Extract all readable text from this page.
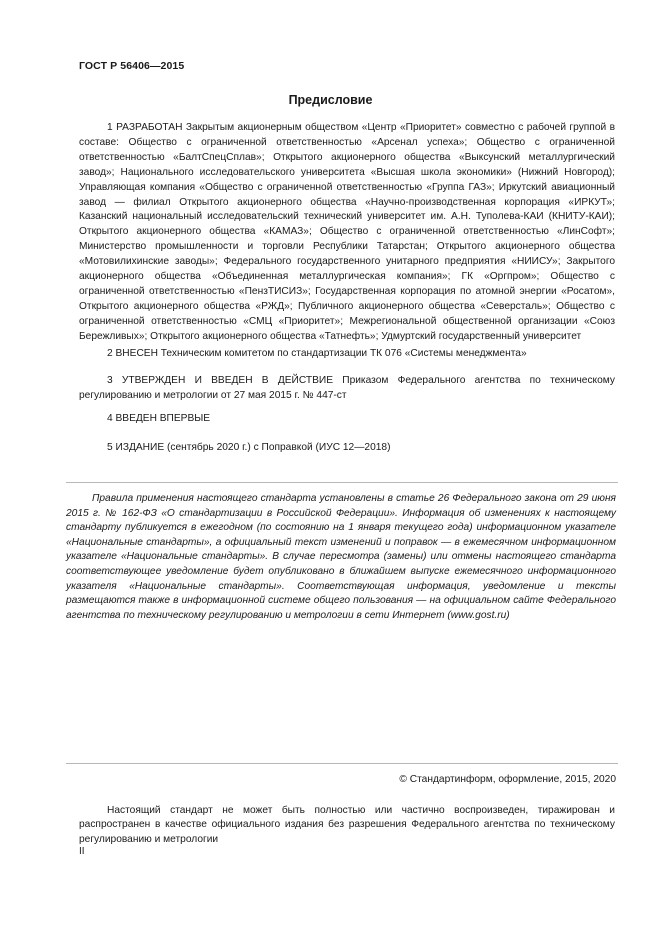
ГОСТ Р 56406—2015
Предисловие

1 РАЗРАБОТАН Закрытым акционерным обществом «Центр «Приоритет» совместно с рабочей группой в составе: Общество с ограниченной ответственностью «Арсенал успеха»; Общество с ограниченной ответственностью «БалтСпецСплав»; Открытого акционерного общества «Выксунский металлургический завод»; Национального исследовательского университета «Высшая школа экономики» (Нижний Новгород); Управляющая компания «Общество с ограниченной ответственностью «Группа ГАЗ»; Иркутский авиационный завод — филиал Открытого акционерного общества «Научно-производственная корпорация «ИРКУТ»; Казанский национальный исследовательский технический университет им. А.Н. Туполева-КАИ (КНИТУ-КАИ); Открытого акционерного общества «КАМАЗ»; Общество с ограниченной ответственностью «ЛинСофт»; Министерство промышленности и торговли Республики Татарстан; Открытого акционерного общества «Мотовилихинские заводы»; Федерального государственного унитарного предприятия «НИИСУ»; Закрытого акционерного общества «Объединенная металлургическая компания»; ГК «Оргпром»; Общество с ограниченной ответственностью «ПензТИСИЗ»; Государственная корпорация по атомной энергии «Росатом», Открытого акционерного общества «РЖД»; Публичного акционерного общества «Северсталь»; Общество с ограниченной ответственностью «СМЦ «Приоритет»; Межрегиональной общественной организации «Союз Бережливых»; Открытого акционерного общества «Татнефть»; Удмуртский государственный университет

2 ВНЕСЕН Техническим комитетом по стандартизации ТК 076 «Системы менеджмента»

3 УТВЕРЖДЕН И ВВЕДЕН В ДЕЙСТВИЕ Приказом Федерального агентства по техническому регулированию и метрологии от 27 мая 2015 г. № 447-ст

4 ВВЕДЕН ВПЕРВЫЕ

5 ИЗДАНИЕ (сентябрь 2020 г.) с Поправкой (ИУС 12—2018)

Правила применения настоящего стандарта установлены в статье 26 Федерального закона от 29 июня 2015 г. № 162-ФЗ «О стандартизации в Российской Федерации». Информация об изменениях к настоящему стандарту публикуется в ежегодном (по состоянию на 1 января текущего года) информационном указателе «Национальные стандарты», а официальный текст изменений и поправок — в ежемесячном информационном указателе «Национальные стандарты». В случае пересмотра (замены) или отмены настоящего стандарта соответствующее уведомление будет опубликовано в ближайшем выпуске ежемесячного информационного указателя «Национальные стандарты». Соответствующая информация, уведомление и тексты размещаются также в информационной системе общего пользования — на официальном сайте Федерального агентства по техническому регулированию и метрологии в сети Интернет (www.gost.ru)

© Стандартинформ, оформление, 2015, 2020

Настоящий стандарт не может быть полностью или частично воспроизведен, тиражирован и распространен в качестве официального издания без разрешения Федерального агентства по техническому регулированию и метрологии

II
